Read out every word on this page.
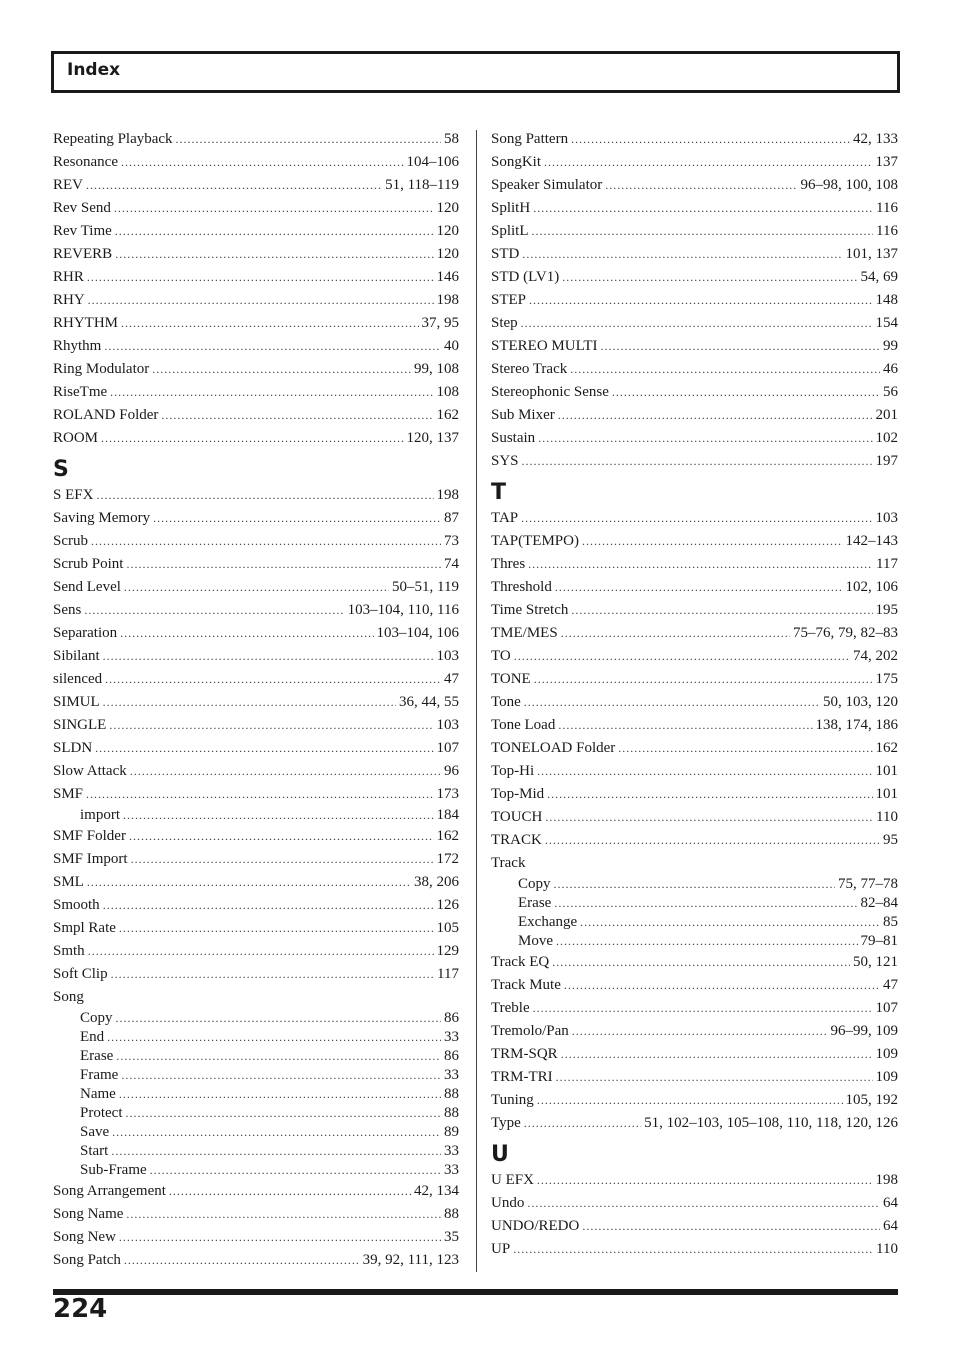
Index
Repeating Playback .....	58
Resonance .....	104–106
REV .....	51, 118–119
Rev Send .....	120
Rev Time .....	120
REVERB .....	120
RHR .....	146
RHY .....	198
RHYTHM .....	37, 95
Rhythm .....	40
Ring Modulator .....	99, 108
RiseTme .....	108
ROLAND Folder .....	162
ROOM .....	120, 137
S
S EFX .....	198
Saving Memory .....	87
Scrub .....	73
Scrub Point .....	74
Send Level .....	50–51, 119
Sens .....	103–104, 110, 116
Separation .....	103–104, 106
Sibilant .....	103
silenced .....	47
SIMUL .....	36, 44, 55
SINGLE .....	103
SLDN .....	107
Slow Attack .....	96
SMF .....	173
import .....	184
SMF Folder .....	162
SMF Import .....	172
SML .....	38, 206
Smooth .....	126
Smpl Rate .....	105
Smth .....	129
Soft Clip .....	117
Song
Copy .....	86
End .....	33
Erase .....	86
Frame .....	33
Name .....	88
Protect .....	88
Save .....	89
Start .....	33
Sub-Frame .....	33
Song Arrangement .....	42, 134
Song Name .....	88
Song New .....	35
Song Patch .....	39, 92, 111, 123
Song Pattern .....	42, 133
SongKit .....	137
Speaker Simulator .....	96–98, 100, 108
SplitH .....	116
SplitL .....	116
STD .....	101, 137
STD (LV1) .....	54, 69
STEP .....	148
Step .....	154
STEREO MULTI .....	99
Stereo Track .....	46
Stereophonic Sense .....	56
Sub Mixer .....	201
Sustain .....	102
SYS .....	197
T
TAP .....	103
TAP(TEMPO) .....	142–143
Thres .....	117
Threshold .....	102, 106
Time Stretch .....	195
TME/MES .....	75–76, 79, 82–83
TO .....	74, 202
TONE .....	175
Tone .....	50, 103, 120
Tone Load .....	138, 174, 186
TONELOAD Folder .....	162
Top-Hi .....	101
Top-Mid .....	101
TOUCH .....	110
TRACK .....	95
Track
Copy .....	75, 77–78
Erase .....	82–84
Exchange .....	85
Move .....	79–81
Track EQ .....	50, 121
Track Mute .....	47
Treble .....	107
Tremolo/Pan .....	96–99, 109
TRM-SQR .....	109
TRM-TRI .....	109
Tuning .....	105, 192
Type .....	51, 102–103, 105–108, 110, 118, 120, 126
U
U EFX .....	198
Undo .....	64
UNDO/REDO .....	64
UP .....	110
224
